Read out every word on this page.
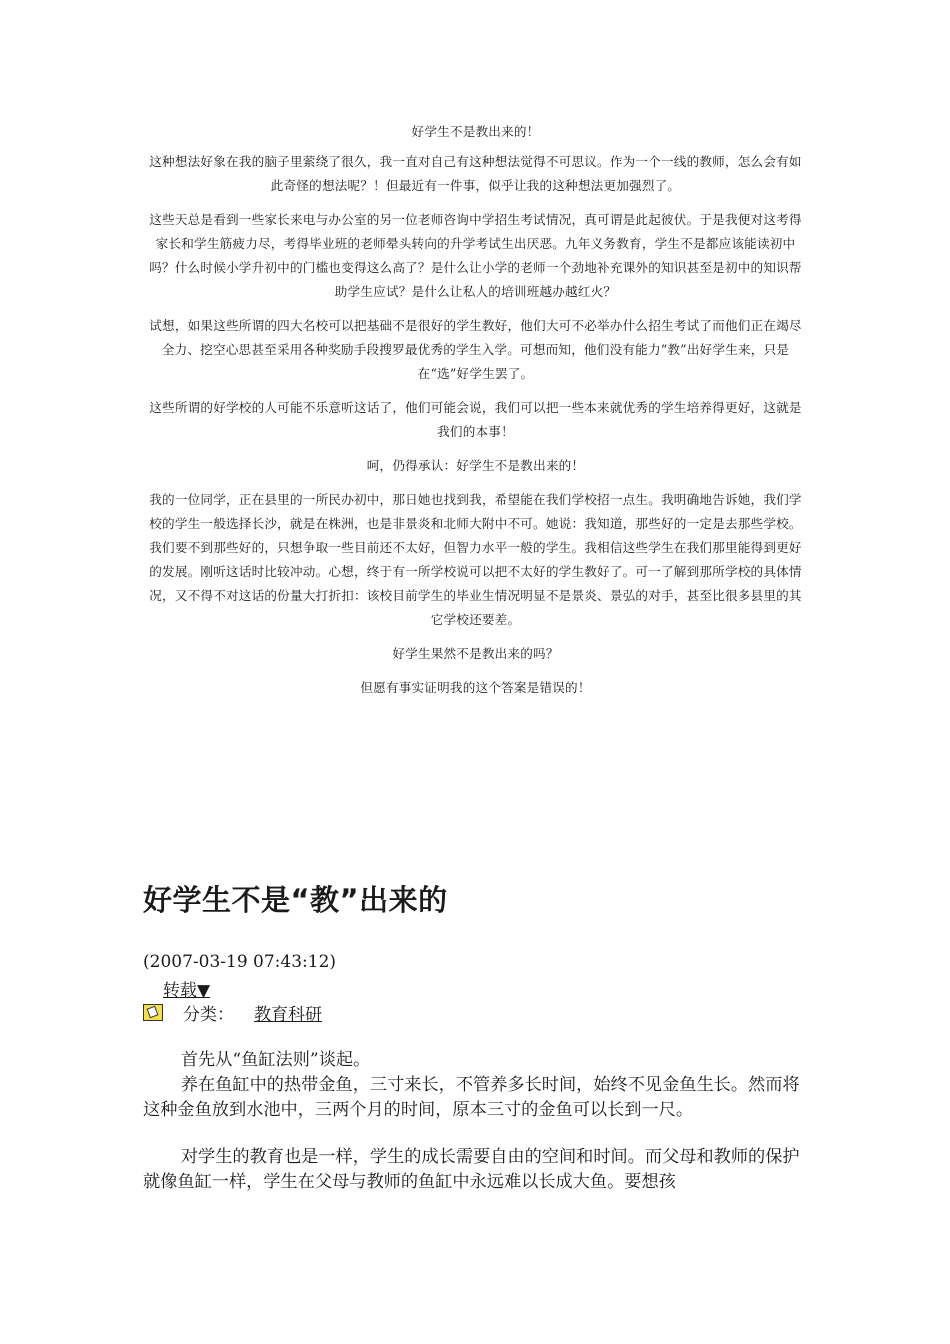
好学生不是教出来的！

这种想法好象在我的脑子里萦绕了很久，我一直对自己有这种想法觉得不可思议。作为一个一线的教师，怎么会有如此奇怪的想法呢？！但最近有一件事，似乎让我的这种想法更加强烈了。

这些天总是看到一些家长来电与办公室的另一位老师咨询中学招生考试情况，真可谓是此起彼伏。于是我便对这考得家长和学生筋疲力尽，考得毕业班的老师晕头转向的升学考试生出厌恶。九年义务教育，学生不是都应该能读初中吗？什么时候小学升初中的门槛也变得这么高了？是什么让小学的老师一个劲地补充课外的知识甚至是初中的知识帮助学生应试？是什么让私人的培训班越办越红火？

试想，如果这些所谓的四大名校可以把基础不是很好的学生教好，他们大可不必举办什么招生考试了而他们正在竭尽全力、挖空心思甚至采用各种奖励手段搜罗最优秀的学生入学。可想而知，他们没有能力“教”出好学生来，只是在“选”好学生罢了。

这些所谓的好学校的人可能不乐意听这话了，他们可能会说，我们可以把一些本来就优秀的学生培养得更好，这就是我们的本事！

呵，仍得承认：好学生不是教出来的！

我的一位同学，正在县里的一所民办初中，那日她也找到我，希望能在我们学校招一点生。我明确地告诉她，我们学校的学生一般选择长沙，就是在株洲，也是非景炎和北师大附中不可。她说：我知道，那些好的一定是去那些学校。我们要不到那些好的，只想争取一些目前还不太好，但智力水平一般的学生。我相信这些学生在我们那里能得到更好的发展。刚听这话时比较冲动。心想，终于有一所学校说可以把不太好的学生教好了。可一了解到那所学校的具体情况，又不得不对这话的份量大打折扣：该校目前学生的毕业生情况明显不是景炎、景弘的对手，甚至比很多县里的其它学校还要差。

好学生果然不是教出来的吗？

但愿有事实证明我的这个答案是错误的！

好学生不是“教”出来的
(2007-03-19 07:43:12)
转载▼
分类： 教育科研

首先从“鱼缸法则”谈起。

养在鱼缸中的热带金鱼，三寸来长，不管养多长时间，始终不见金鱼生长。然而将这种金鱼放到水池中，三两个月的时间，原本三寸的金鱼可以长到一尺。

对学生的教育也是一样，学生的成长需要自由的空间和时间。而父母和教师的保护就像鱼缸一样，学生在父母与教师的鱼缸中永远难以长成大鱼。要想孩
